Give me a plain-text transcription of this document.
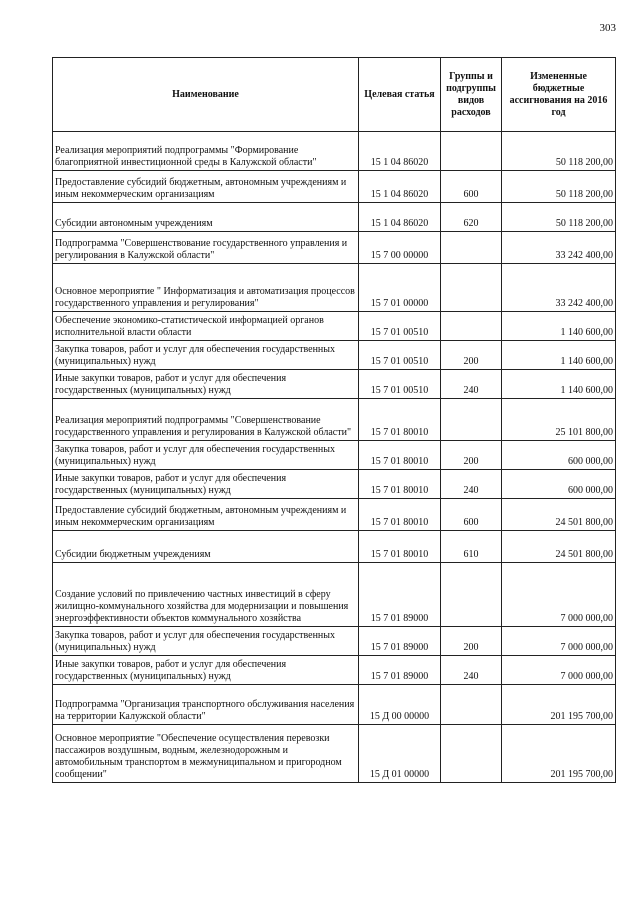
303
Наименование	Целевая статья	Группы и подгруппы видов расходов	Измененные бюджетные ассигнования на 2016 год
Реализация мероприятий подпрограммы "Формирование благоприятной инвестиционной среды в Калужской области"	15 1 04 86020		50 118 200,00
Предоставление субсидий бюджетным, автономным учреждениям и иным некоммерческим организациям	15 1 04 86020	600	50 118 200,00
Субсидии автономным учреждениям	15 1 04 86020	620	50 118 200,00
Подпрограмма "Совершенствование государственного управления и регулирования в Калужской области"	15 7 00 00000		33 242 400,00
Основное мероприятие " Информатизация и автоматизация процессов государственного управления и регулирования"	15 7 01 00000		33 242 400,00
Обеспечение экономико-статистической информацией органов исполнительной власти области	15 7 01 00510		1 140 600,00
Закупка товаров, работ и услуг для обеспечения государственных (муниципальных) нужд	15 7 01 00510	200	1 140 600,00
Иные закупки товаров, работ и услуг для обеспечения государственных (муниципальных) нужд	15 7 01 00510	240	1 140 600,00
Реализация мероприятий подпрограммы "Совершенствование государственного управления и регулирования в Калужской области"	15 7 01 80010		25 101 800,00
Закупка товаров, работ и услуг для обеспечения государственных (муниципальных) нужд	15 7 01 80010	200	600 000,00
Иные закупки товаров, работ и услуг для обеспечения государственных (муниципальных) нужд	15 7 01 80010	240	600 000,00
Предоставление субсидий бюджетным, автономным учреждениям и иным некоммерческим организациям	15 7 01 80010	600	24 501 800,00
Субсидии бюджетным учреждениям	15 7 01 80010	610	24 501 800,00
Создание условий по привлечению частных инвестиций в сферу жилищно-коммунального хозяйства для модернизации и повышения энергоэффективности объектов коммунального хозяйства	15 7 01 89000		7 000 000,00
Закупка товаров, работ и услуг для обеспечения государственных (муниципальных) нужд	15 7 01 89000	200	7 000 000,00
Иные закупки товаров, работ и услуг для обеспечения государственных (муниципальных) нужд	15 7 01 89000	240	7 000 000,00
Подпрограмма "Организация транспортного обслуживания населения на территории Калужской области"	15 Д 00 00000		201 195 700,00
Основное мероприятие "Обеспечение осуществления перевозки пассажиров воздушным, водным, железнодорожным и автомобильным транспортом в межмуниципальном и пригородном сообщении"	15 Д 01 00000		201 195 700,00
